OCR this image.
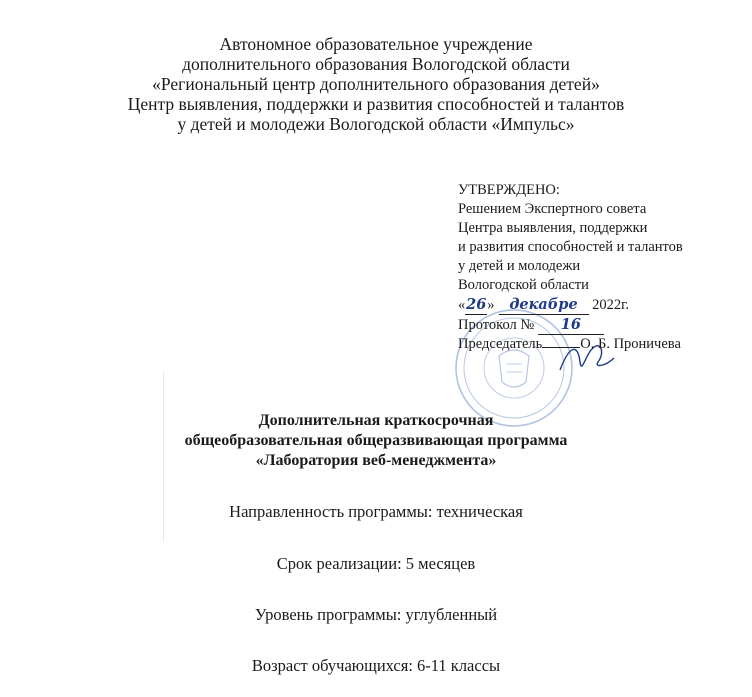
Автономное образовательное учреждение
дополнительного образования Вологодской области
«Региональный центр дополнительного образования детей»
Центр выявления, поддержки и развития способностей и талантов
у детей и молодежи Вологодской области «Импульс»
УТВЕРЖДЕНО:
Решением Экспертного совета
Центра выявления, поддержки
и развития способностей и талантов
у детей и молодежи
Вологодской области
«26» декабре 2022г.
Протокол № 16
Председатель	О. Б. Проничева
Дополнительная краткосрочная
общеобразовательная общеразвивающая программа
«Лаборатория веб-менеджмента»
Направленность программы: техническая
Срок реализации: 5 месяцев
Уровень программы: углубленный
Возраст обучающихся: 6-11 классы
